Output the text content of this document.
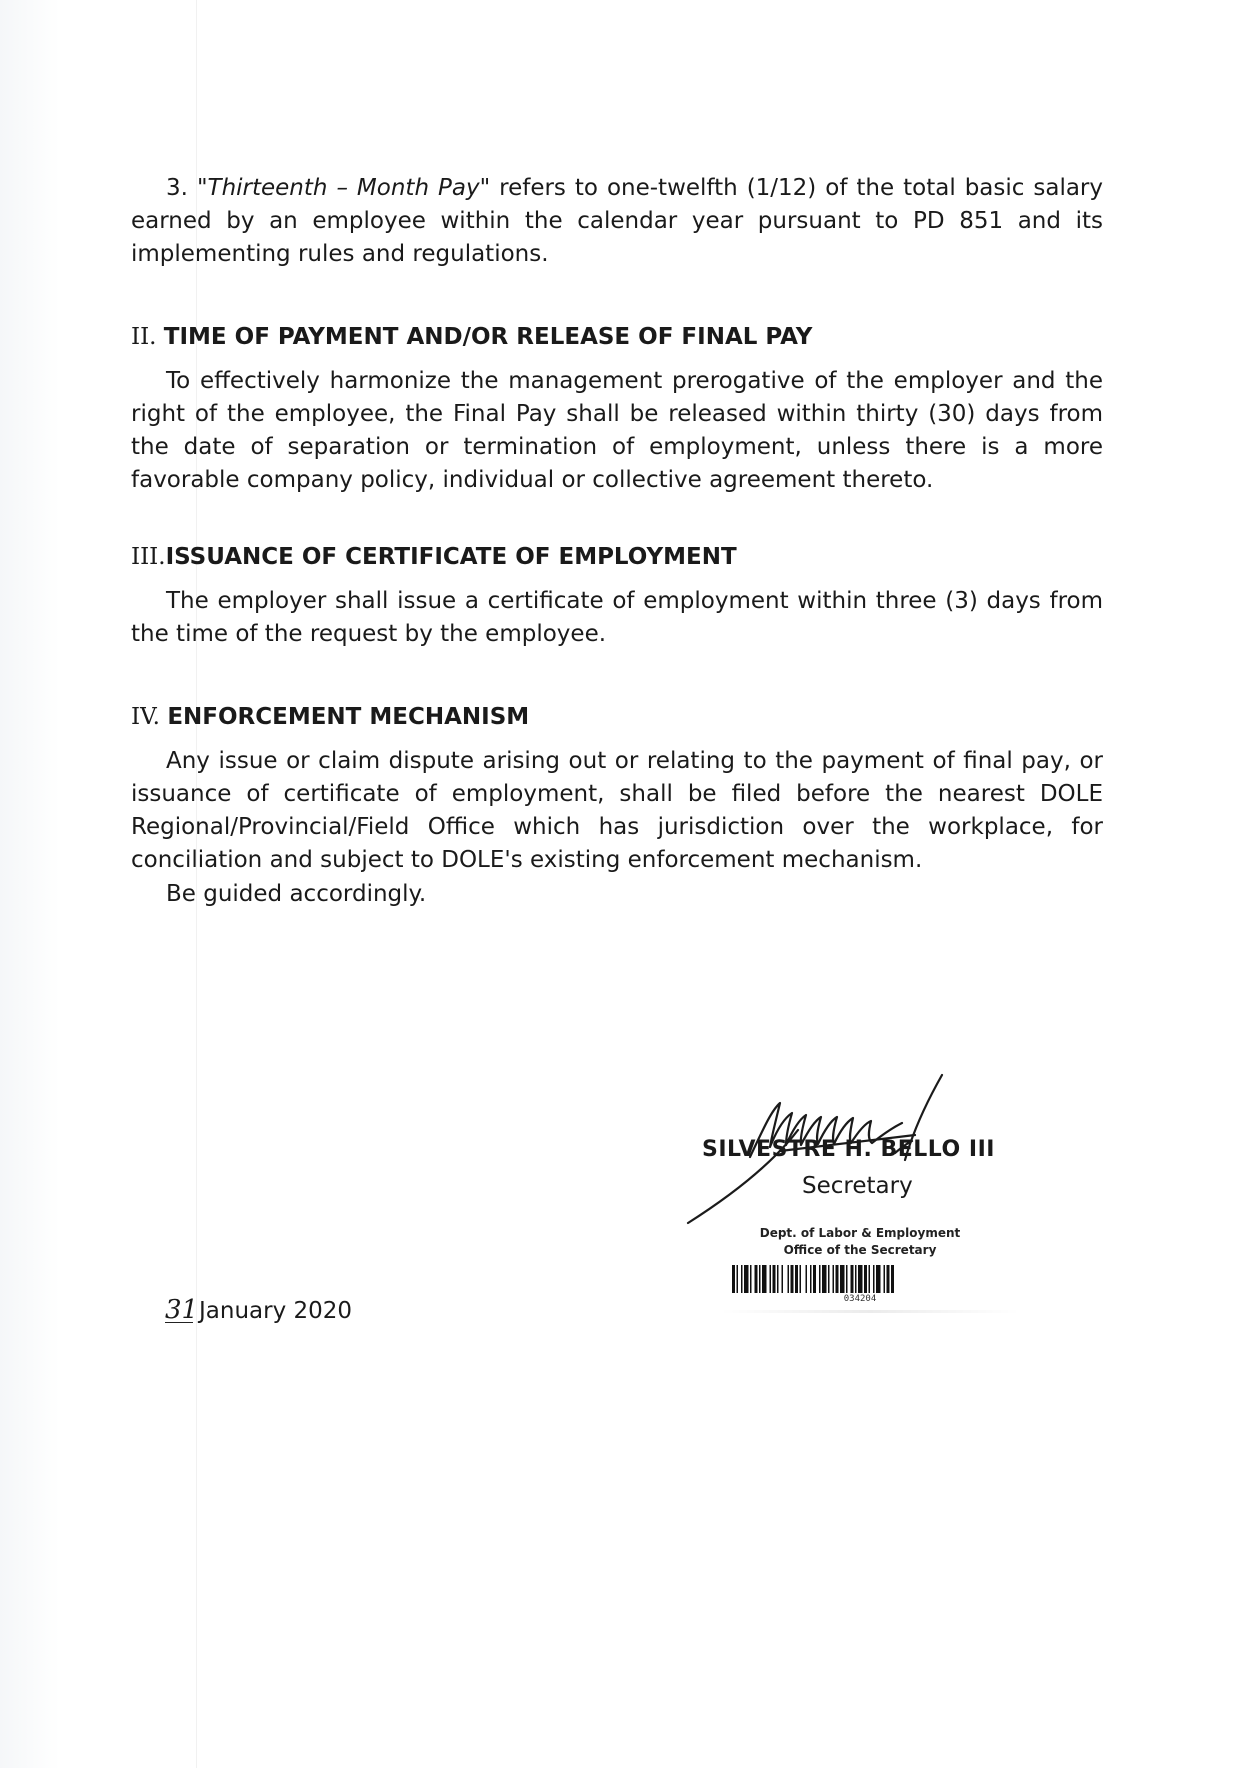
3. "Thirteenth – Month Pay" refers to one-twelfth (1/12) of the total basic salary earned by an employee within the calendar year pursuant to PD 851 and its implementing rules and regulations.
II. TIME OF PAYMENT AND/OR RELEASE OF FINAL PAY
To effectively harmonize the management prerogative of the employer and the right of the employee, the Final Pay shall be released within thirty (30) days from the date of separation or termination of employment, unless there is a more favorable company policy, individual or collective agreement thereto.
III.ISSUANCE OF CERTIFICATE OF EMPLOYMENT
The employer shall issue a certificate of employment within three (3) days from the time of the request by the employee.
IV. ENFORCEMENT MECHANISM
Any issue or claim dispute arising out or relating to the payment of final pay, or issuance of certificate of employment, shall be filed before the nearest DOLE Regional/Provincial/Field Office which has jurisdiction over the workplace, for conciliation and subject to DOLE's existing enforcement mechanism.
Be guided accordingly.
SILVESTRE H. BELLO III
Secretary
Dept. of Labor & Employment
Office of the Secretary
034204
31January 2020
